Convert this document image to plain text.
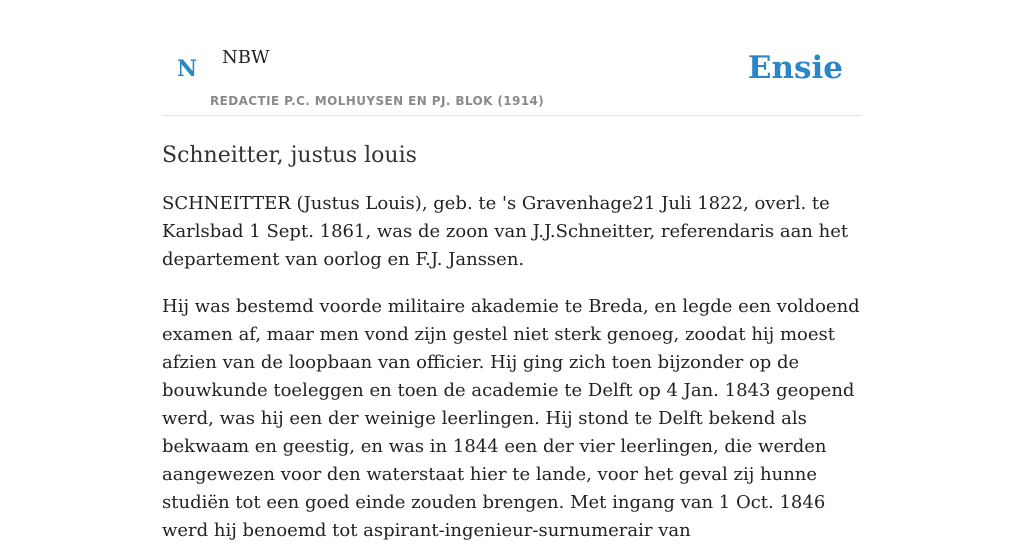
N NBW
REDACTIE P.C. MOLHUYSEN EN PJ. BLOK (1914)
Ensie
Schneitter, justus louis

SCHNEITTER (Justus Louis), geb. te 's Gravenhage21 Juli 1822, overl. te Karlsbad 1 Sept. 1861, was de zoon van J.J.Schneitter, referendaris aan het departement van oorlog en F.J. Janssen.

Hij was bestemd voorde militaire akademie te Breda, en legde een voldoend examen af, maar men vond zijn gestel niet sterk genoeg, zoodat hij moest afzien van de loopbaan van officier. Hij ging zich toen bijzonder op de bouwkunde toeleggen en toen de academie te Delft op 4 Jan. 1843 geopend werd, was hij een der weinige leerlingen. Hij stond te Delft bekend als bekwaam en geestig, en was in 1844 een der vier leerlingen, die werden aangewezen voor den waterstaat hier te lande, voor het geval zij hunne studiën tot een goed einde zouden brengen. Met ingang van 1 Oct. 1846 werd hij benoemd tot aspirant-ingenieur-surnumerair van
